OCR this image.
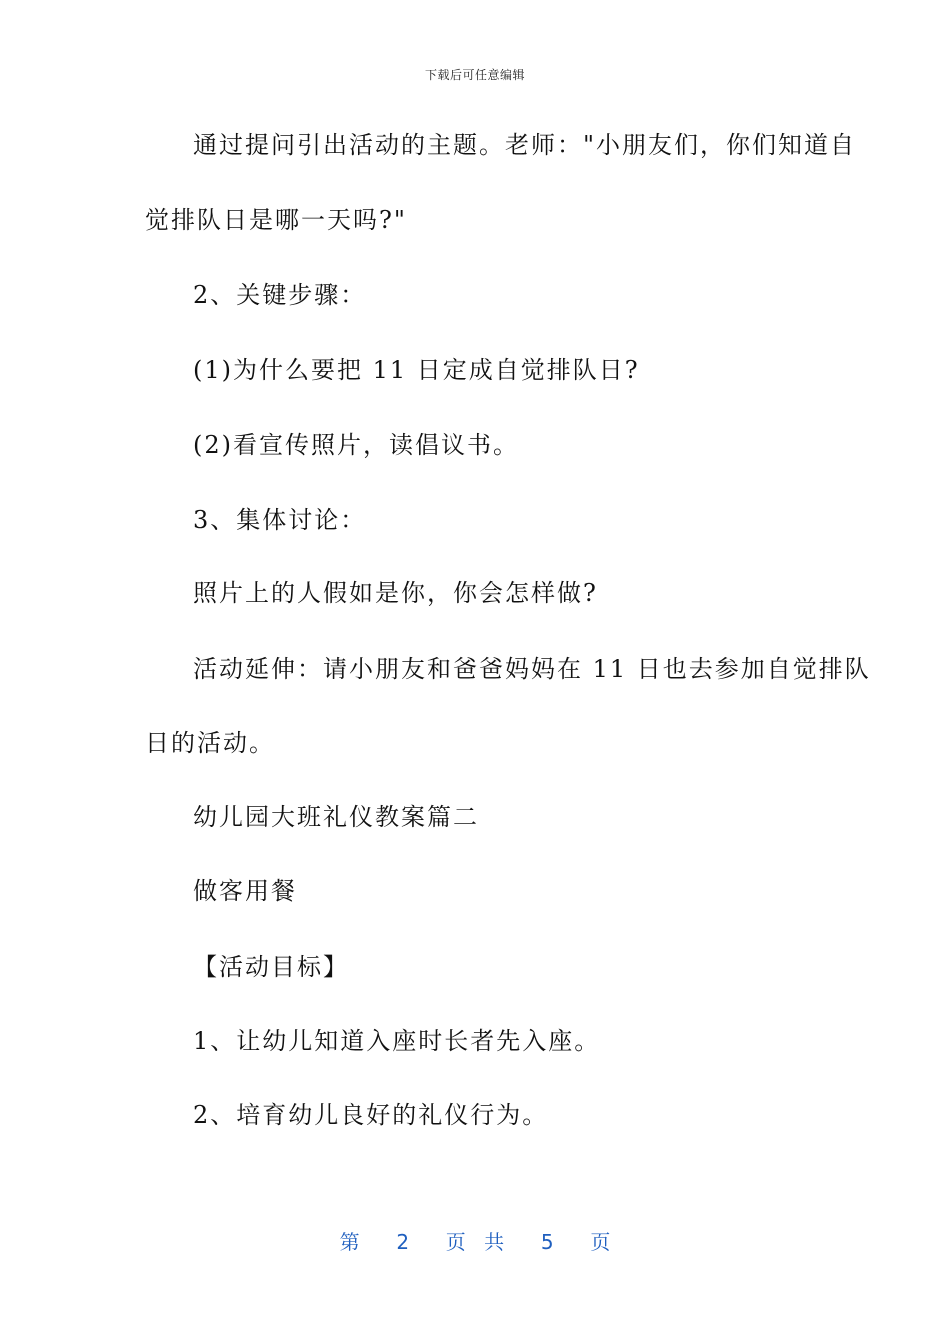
下载后可任意编辑
通过提问引出活动的主题。老师："小朋友们，你们知道自
觉排队日是哪一天吗?"
2、关键步骤：
(1)为什么要把 11 日定成自觉排队日?
(2)看宣传照片，读倡议书。
3、集体讨论：
照片上的人假如是你，你会怎样做?
活动延伸：请小朋友和爸爸妈妈在 11 日也去参加自觉排队
日的活动。
幼儿园大班礼仪教案篇二
做客用餐
【活动目标】
1、让幼儿知道入座时长者先入座。
2、培育幼儿良好的礼仪行为。
第  2  页 共  5  页
